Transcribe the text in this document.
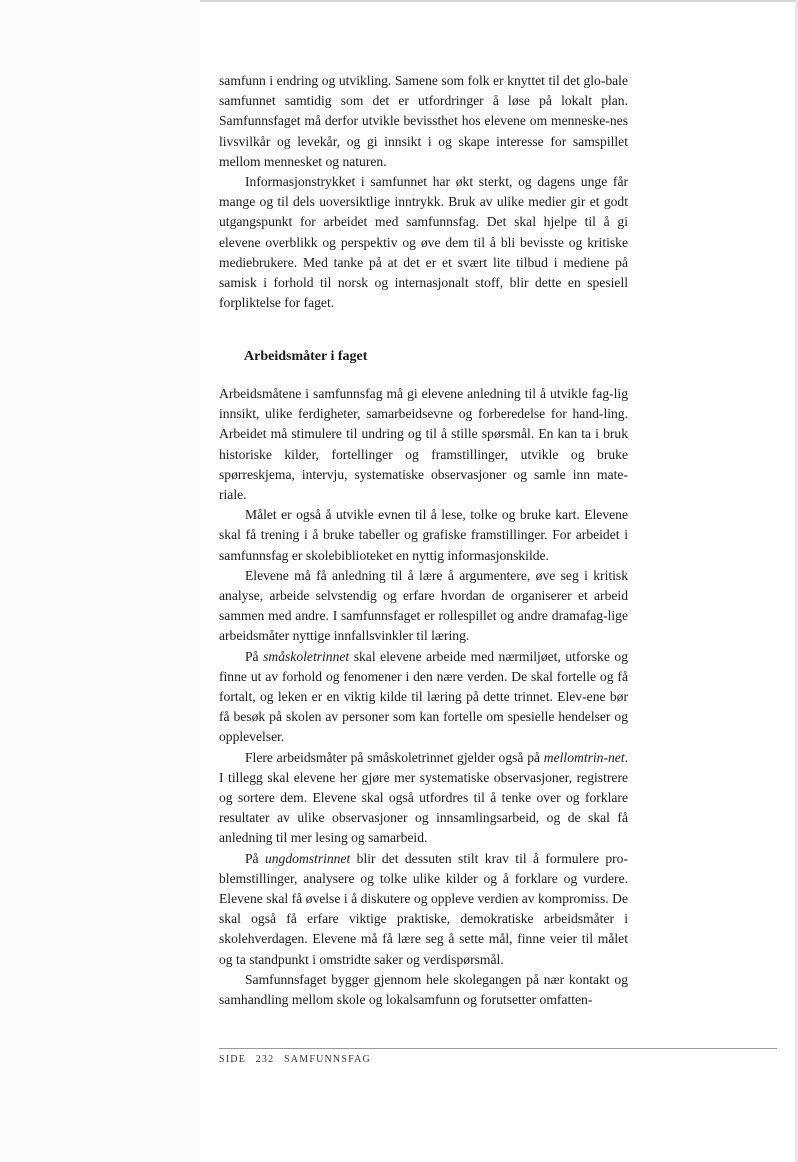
samfunn i endring og utvikling. Samene som folk er knyttet til det glo-bale samfunnet samtidig som det er utfordringer å løse på lokalt plan. Samfunnsfaget må derfor utvikle bevissthet hos elevene om menneske-nes livsvilkår og levekår, og gi innsikt i og skape interesse for samspillet mellom mennesket og naturen.

Informasjonstrykket i samfunnet har økt sterkt, og dagens unge får mange og til dels uoversiktlige inntrykk. Bruk av ulike medier gir et godt utgangspunkt for arbeidet med samfunnsfag. Det skal hjelpe til å gi elevene overblikk og perspektiv og øve dem til å bli bevisste og kritiske mediebrukere. Med tanke på at det er et svært lite tilbud i mediene på samisk i forhold til norsk og internasjonalt stoff, blir dette en spesiell forpliktelse for faget.

Arbeidsmåter i faget

Arbeidsmåtene i samfunnsfag må gi elevene anledning til å utvikle fag-lig innsikt, ulike ferdigheter, samarbeidsevne og forberedelse for hand-ling. Arbeidet må stimulere til undring og til å stille spørsmål. En kan ta i bruk historiske kilder, fortellinger og framstillinger, utvikle og bruke spørreskjema, intervju, systematiske observasjoner og samle inn mate-riale.

Målet er også å utvikle evnen til å lese, tolke og bruke kart. Elevene skal få trening i å bruke tabeller og grafiske framstillinger. For arbeidet i samfunnsfag er skolebiblioteket en nyttig informasjonskilde.

Elevene må få anledning til å lære å argumentere, øve seg i kritisk analyse, arbeide selvstendig og erfare hvordan de organiserer et arbeid sammen med andre. I samfunnsfaget er rollespillet og andre dramafag-lige arbeidsmåter nyttige innfallsvinkler til læring.

På småskoletrinnet skal elevene arbeide med nærmiljøet, utforske og finne ut av forhold og fenomener i den nære verden. De skal fortelle og få fortalt, og leken er en viktig kilde til læring på dette trinnet. Elev-ene bør få besøk på skolen av personer som kan fortelle om spesielle hendelser og opplevelser.

Flere arbeidsmåter på småskoletrinnet gjelder også på mellomtrin-net. I tillegg skal elevene her gjøre mer systematiske observasjoner, registrere og sortere dem. Elevene skal også utfordres til å tenke over og forklare resultater av ulike observasjoner og innsamlingsarbeid, og de skal få anledning til mer lesing og samarbeid.

På ungdomstrinnet blir det dessuten stilt krav til å formulere pro-blemstillinger, analysere og tolke ulike kilder og å forklare og vurdere. Elevene skal få øvelse i å diskutere og oppleve verdien av kompromiss. De skal også få erfare viktige praktiske, demokratiske arbeidsmåter i skolehverdagen. Elevene må få lære seg å sette mål, finne veier til målet og ta standpunkt i omstridte saker og verdispørsmål.

Samfunnsfaget bygger gjennom hele skolegangen på nær kontakt og samhandling mellom skole og lokalsamfunn og forutsetter omfatten-

SIDE 232 SAMFUNNSFAG
